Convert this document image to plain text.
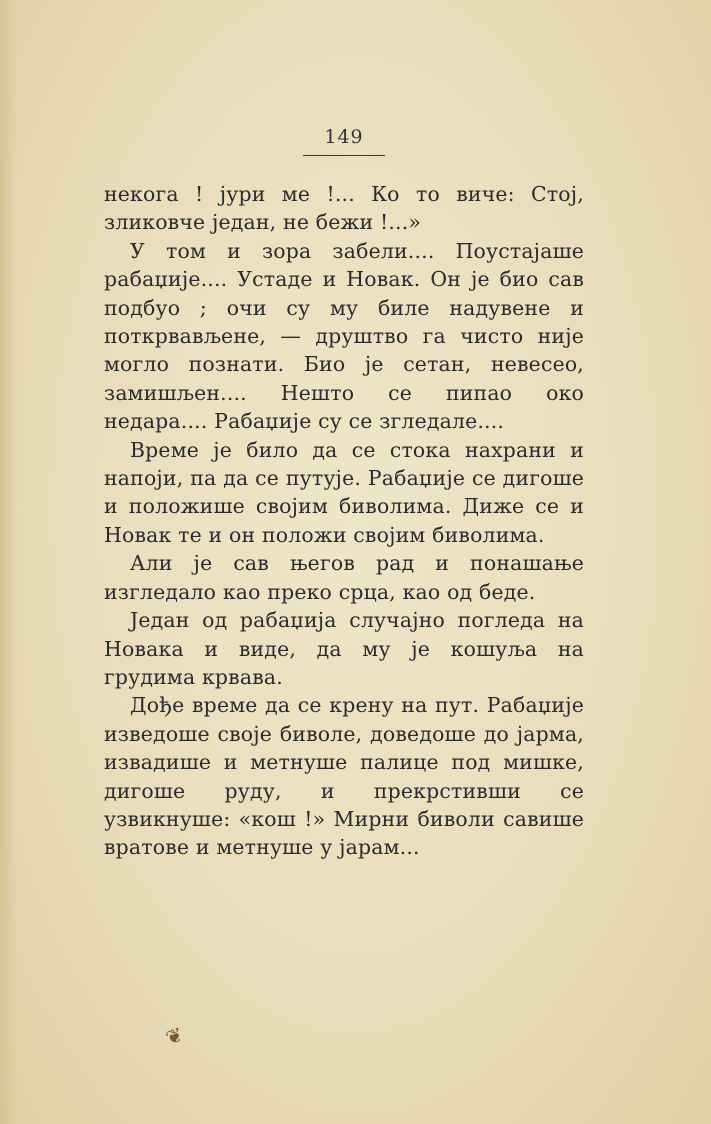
149

некога ! јури ме !... Ко то виче: Стој, зликовче један, не бежи !...»

У том и зора забели.... Поустајаше рабаџије.... Устаде и Новак. Он је био сав подбуо ; очи су му биле надувене и поткрвављене, — друштво га чисто није могло познати. Био је сетан, невесео, замишљен.... Нешто се пипао око недара.... Рабаџије су се згледале....

Време је било да се стока нахрани и напоји, па да се путује. Рабаџије се дигоше и положише својим биволима. Диже се и Новак те и он положи својим биволима.

Али је сав његов рад и понашање изгледало као преко срца, као од беде.

Један од рабаџија случајно погледа на Новака и виде, да му је кошуља на грудима крвава.

Дође време да се крену на пут. Рабаџије изведоше своје биволе, доведоше до јарма, извадише и метнуше палице под мишке, дигоше руду, и прекрстивши се узвикнуше: «кош !» Мирни биволи савише вратове и метнуше у јарам...

❦
